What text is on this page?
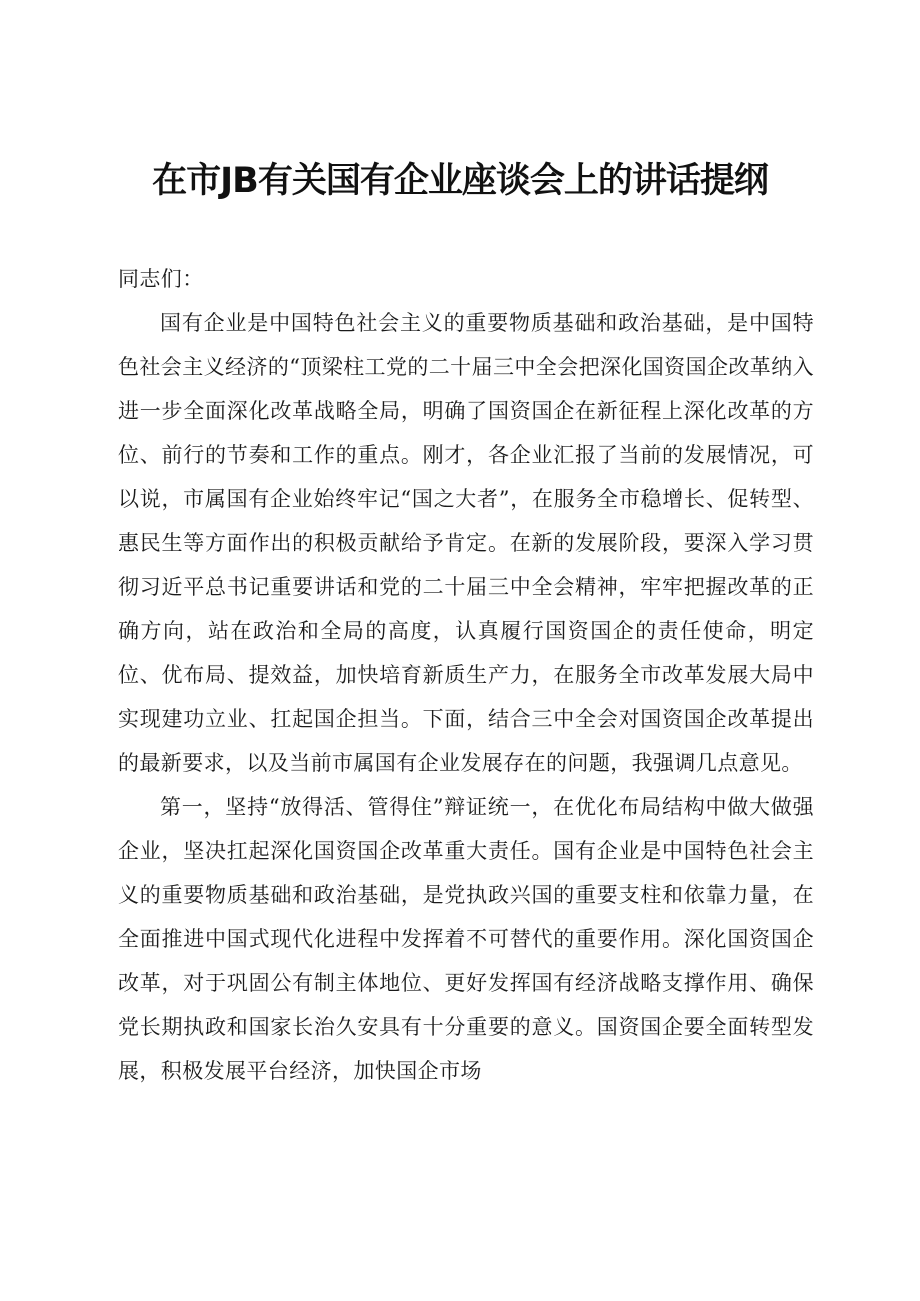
在市JB有关国有企业座谈会上的讲话提纲

同志们：

国有企业是中国特色社会主义的重要物质基础和政治基础，是中国特色社会主义经济的“顶梁柱工党的二十届三中全会把深化国资国企改革纳入进一步全面深化改革战略全局，明确了国资国企在新征程上深化改革的方位、前行的节奏和工作的重点。刚才，各企业汇报了当前的发展情况，可以说，市属国有企业始终牢记“国之大者”，在服务全市稳增长、促转型、惠民生等方面作出的积极贡献给予肯定。在新的发展阶段，要深入学习贯彻习近平总书记重要讲话和党的二十届三中全会精神，牢牢把握改革的正确方向，站在政治和全局的高度，认真履行国资国企的责任使命，明定位、优布局、提效益，加快培育新质生产力，在服务全市改革发展大局中实现建功立业、扛起国企担当。下面，结合三中全会对国资国企改革提出的最新要求，以及当前市属国有企业发展存在的问题，我强调几点意见。

第一，坚持“放得活、管得住”辩证统一，在优化布局结构中做大做强企业，坚决扛起深化国资国企改革重大责任。国有企业是中国特色社会主义的重要物质基础和政治基础，是党执政兴国的重要支柱和依靠力量，在全面推进中国式现代化进程中发挥着不可替代的重要作用。深化国资国企改革，对于巩固公有制主体地位、更好发挥国有经济战略支撑作用、确保党长期执政和国家长治久安具有十分重要的意义。国资国企要全面转型发展，积极发展平台经济，加快国企市场
